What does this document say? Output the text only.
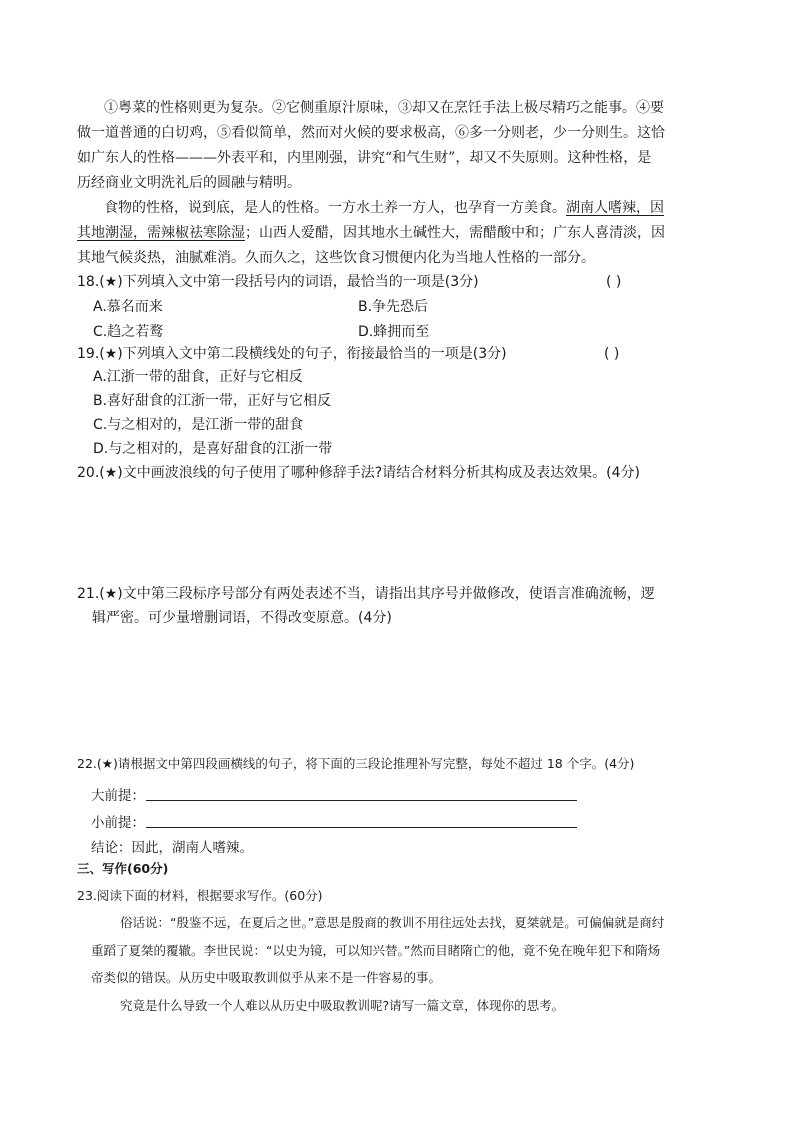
①粤菜的性格则更为复杂。②它侧重原汁原味，③却又在烹饪手法上极尽精巧之能事。④要
做一道普通的白切鸡，⑤看似简单，然而对火候的要求极高，⑥多一分则老，少一分则生。这恰
如广东人的性格———外表平和，内里刚强，讲究“和气生财”，却又不失原则。这种性格，是
历经商业文明洗礼后的圆融与精明。
食物的性格，说到底，是人的性格。一方水土养一方人，也孕育一方美食。湖南人嗜辣，因
其地潮湿，需辣椒祛寒除湿；山西人爱醋，因其地水土碱性大，需醋酸中和；广东人喜清淡，因
其地气候炎热，油腻难消。久而久之，这些饮食习惯便内化为当地人性格的一部分。
18.(★)下列填入文中第一段括号内的词语，最恰当的一项是(3分)	( )
A.慕名而来	B.争先恐后
C.趋之若鹜	D.蜂拥而至
19.(★)下列填入文中第二段横线处的句子，衔接最恰当的一项是(3分)	( )
A.江浙一带的甜食，正好与它相反
B.喜好甜食的江浙一带，正好与它相反
C.与之相对的，是江浙一带的甜食
D.与之相对的，是喜好甜食的江浙一带
20.(★)文中画波浪线的句子使用了哪种修辞手法?请结合材料分析其构成及表达效果。(4分)
21.(★)文中第三段标序号部分有两处表述不当，请指出其序号并做修改，使语言准确流畅，逻
辑严密。可少量增删词语，不得改变原意。(4分)
22.(★)请根据文中第四段画横线的句子，将下面的三段论推理补写完整，每处不超过 18 个字。(4分)
大前提：
小前提：
结论：因此，湖南人嗜辣。
三、写作(60分)
23.阅读下面的材料，根据要求写作。(60分)
俗话说：“殷鉴不远，在夏后之世。”意思是殷商的教训不用往远处去找，夏桀就是。可偏偏就是商纣
重蹈了夏桀的覆辙。李世民说：“以史为镜，可以知兴替。”然而目睹隋亡的他，竟不免在晚年犯下和隋炀
帝类似的错误。从历史中吸取教训似乎从来不是一件容易的事。
究竟是什么导致一个人难以从历史中吸取教训呢?请写一篇文章，体现你的思考。
